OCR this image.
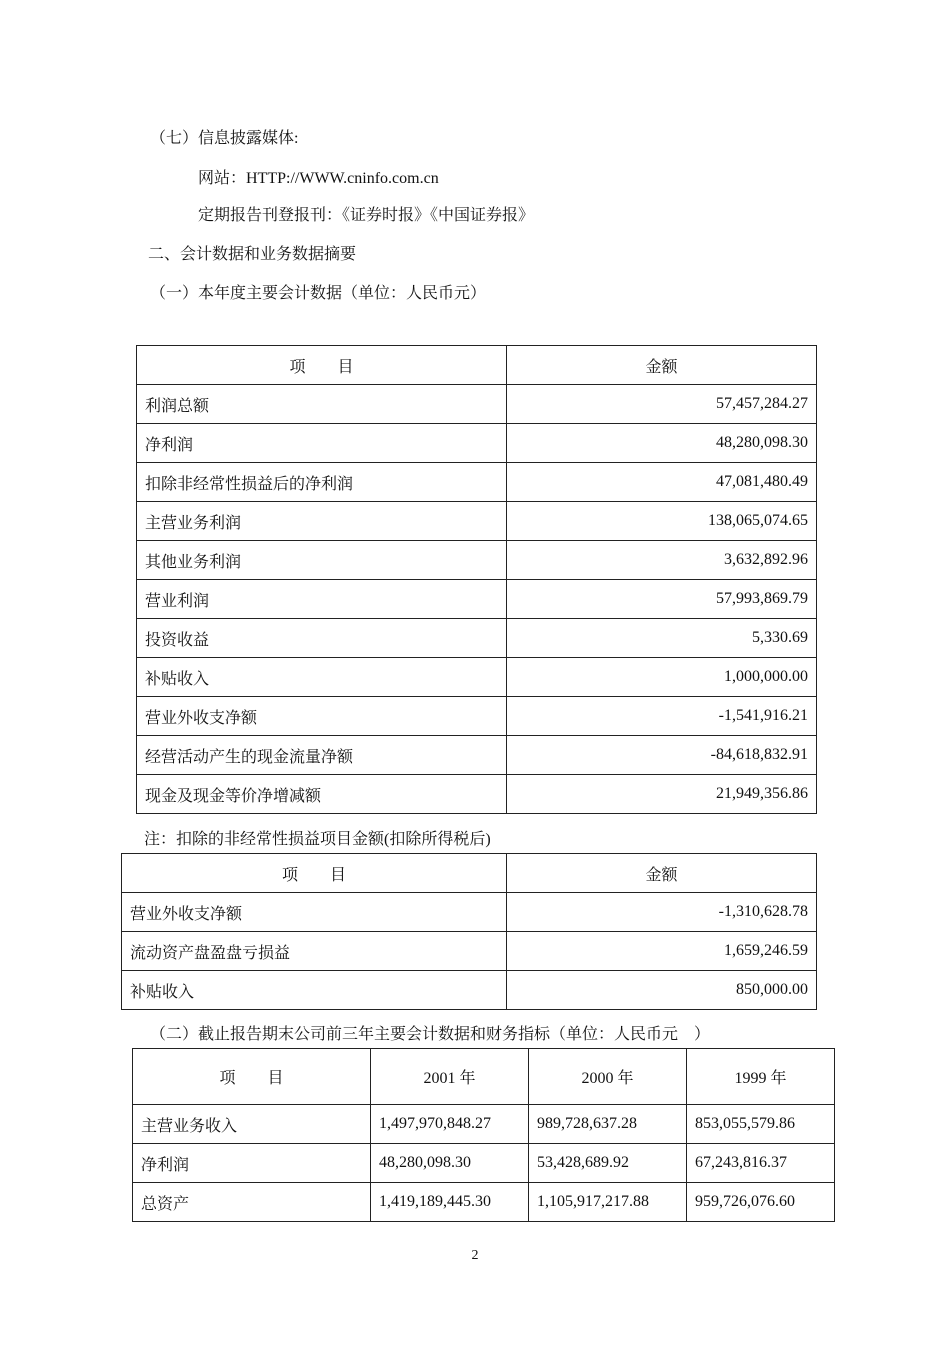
（七）信息披露媒体:
网站：HTTP://WWW.cninfo.com.cn
定期报告刊登报刊：《证券时报》《中国证券报》
二、会计数据和业务数据摘要
（一）本年度主要会计数据（单位：人民币元）
项　　目	金额
利润总额	57,457,284.27
净利润	48,280,098.30
扣除非经常性损益后的净利润	47,081,480.49
主营业务利润	138,065,074.65
其他业务利润	3,632,892.96
营业利润	57,993,869.79
投资收益	5,330.69
补贴收入	1,000,000.00
营业外收支净额	-1,541,916.21
经营活动产生的现金流量净额	-84,618,832.91
现金及现金等价净增减额	21,949,356.86
注：扣除的非经常性损益项目金额(扣除所得税后)
项　　目	金额
营业外收支净额	-1,310,628.78
流动资产盘盈盘亏损益	1,659,246.59
补贴收入	850,000.00
（二）截止报告期末公司前三年主要会计数据和财务指标（单位：人民币元　）
项　　目	2001 年	2000 年	1999 年
主营业务收入	1,497,970,848.27	989,728,637.28	853,055,579.86
净利润	48,280,098.30	53,428,689.92	67,243,816.37
总资产	1,419,189,445.30	1,105,917,217.88	959,726,076.60
2
